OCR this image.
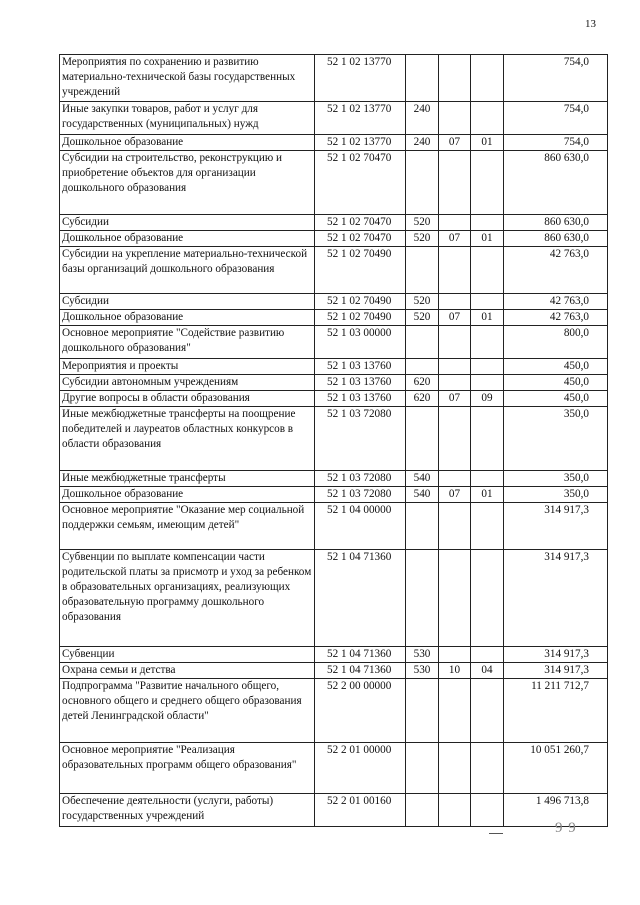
13
Мероприятия по сохранению и развитию материально-технической базы государственных учреждений	52 1 02 13770				754,0
Иные закупки товаров, работ и услуг для государственных (муниципальных) нужд	52 1 02 13770	240			754,0
Дошкольное образование	52 1 02 13770	240	07	01	754,0
Субсидии на строительство, реконструкцию и приобретение объектов для организации дошкольного образования	52 1 02 70470				860 630,0
Субсидии	52 1 02 70470	520			860 630,0
Дошкольное образование	52 1 02 70470	520	07	01	860 630,0
Субсидии на укрепление материально-технической базы организаций дошкольного образования	52 1 02 70490				42 763,0
Субсидии	52 1 02 70490	520			42 763,0
Дошкольное образование	52 1 02 70490	520	07	01	42 763,0
Основное мероприятие "Содействие развитию дошкольного образования"	52 1 03 00000				800,0
Мероприятия и проекты	52 1 03 13760				450,0
Субсидии автономным учреждениям	52 1 03 13760	620			450,0
Другие вопросы в области образования	52 1 03 13760	620	07	09	450,0
Иные межбюджетные трансферты на поощрение победителей и лауреатов областных конкурсов в области образования	52 1 03 72080				350,0
Иные межбюджетные трансферты	52 1 03 72080	540			350,0
Дошкольное образование	52 1 03 72080	540	07	01	350,0
Основное мероприятие "Оказание мер социальной поддержки семьям, имеющим детей"	52 1 04 00000				314 917,3
Субвенции по выплате компенсации части родительской платы за присмотр и уход за ребенком в образовательных организациях, реализующих образовательную программу дошкольного образования	52 1 04 71360				314 917,3
Субвенции	52 1 04 71360	530			314 917,3
Охрана семьи и детства	52 1 04 71360	530	10	04	314 917,3
Подпрограмма "Развитие начального общего, основного общего и среднего общего образования детей Ленинградской области"	52 2 00 00000				11 211 712,7
Основное мероприятие "Реализация образовательных программ общего образования"	52 2 01 00000				10 051 260,7
Обеспечение деятельности (услуги, работы) государственных учреждений	52 2 01 00160				1 496 713,8
9 9
